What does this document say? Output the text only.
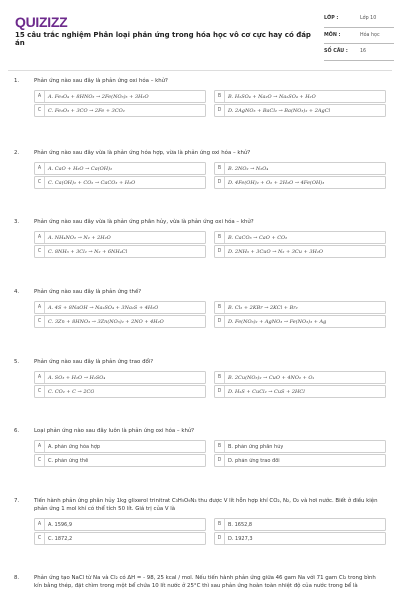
QUIZIZZ
15 câu trắc nghiệm Phân loại phản ứng trong hóa học vô cơ cực hay có đáp án
LỚP :	Lớp 10
MÔN :	Hóa học
SỐ CÂU :	16
1.	Phản ứng nào sau đây là phản ứng oxi hóa – khử?
A	A. Fe₃O₄ + 8HNO₃ → 2Fe(NO₃)₃ + 3H₂O	B	B. H₂SO₄ + Na₂O → Na₂SO₄ + H₂O
C	C. Fe₂O₃ + 3CO → 2Fe + 3CO₂	D	D. 2AgNO₃ + BaCl₂ → Ba(NO₃)₂ + 2AgCl
2.	Phản ứng nào sau đây vừa là phản ứng hóa hợp, vừa là phản ứng oxi hóa – khử?
A	A. CaO + H₂O → Ca(OH)₂	B	B. 2NO₂ → N₂O₄
C	C. Ca(OH)₂ + CO₂ → CaCO₃ + H₂O	D	D. 4Fe(OH)₂ + O₂ + 2H₂O → 4Fe(OH)₃
3.	Phản ứng nào sau đây vừa là phản ứng phân hủy, vừa là phản ứng oxi hóa – khử?
A	A. NH₄NO₂ → N₂ + 2H₂O	B	B. CaCO₃ → CaO + CO₂
C	C. 8NH₃ + 3Cl₂ → N₂ + 6NH₄Cl	D	D. 2NH₃ + 3CuO → N₂ + 3Cu + 3H₂O
4.	Phản ứng nào sau đây là phản ứng thế?
A	A. 4S + 8NaOH → Na₂SO₄ + 3Na₂S + 4H₂O	B	B. Cl₂ + 2KBr → 2KCl + Br₂
C	C. 3Zn + 8HNO₃ → 3Zn(NO₃)₂ + 2NO + 4H₂O	D	D. Fe(NO₃)₂ + AgNO₃ → Fe(NO₃)₃ + Ag
5.	Phản ứng nào sau đây là phản ứng trao đổi?
A	A. SO₃ + H₂O → H₂SO₄	B	B. 2Cu(NO₃)₂ → CuO + 4NO₂ + O₂
C	C. CO₂ + C → 2CO	D	D. H₂S + CuCl₂ → CuS + 2HCl
6.	Loại phản ứng nào sau đây luôn là phản ứng oxi hóa – khử?
A	A. phản ứng hóa hợp	B	B. phản ứng phân hủy
C	C. phản ứng thế	D	D. phản ứng trao đổi
7.	Tiến hành phản ứng phân hủy 1kg glixerol trinitrat C₃H₅O₉N₃ thu được V lít hỗn hợp khí CO₂, N₂, O₂ và hơi nước. Biết ở điều kiện phản ứng 1 mol khí có thể tích 50 lít. Giá trị của V là
A	A. 1596,9	B	B. 1652,8
C	C. 1872,2	D	D. 1927,3
8.	Phản ứng tạo NaCl từ Na và Cl₂ có ΔH = - 98, 25 kcal / mol. Nếu tiến hành phản ứng giữa 46 gam Na với 71 gam Cl₂ trong bình kín bằng thép, đặt chìm trong một bể chứa 10 lít nước ở 25°C thì sau phản ứng hoàn toàn nhiệt độ của nước trong bể là
